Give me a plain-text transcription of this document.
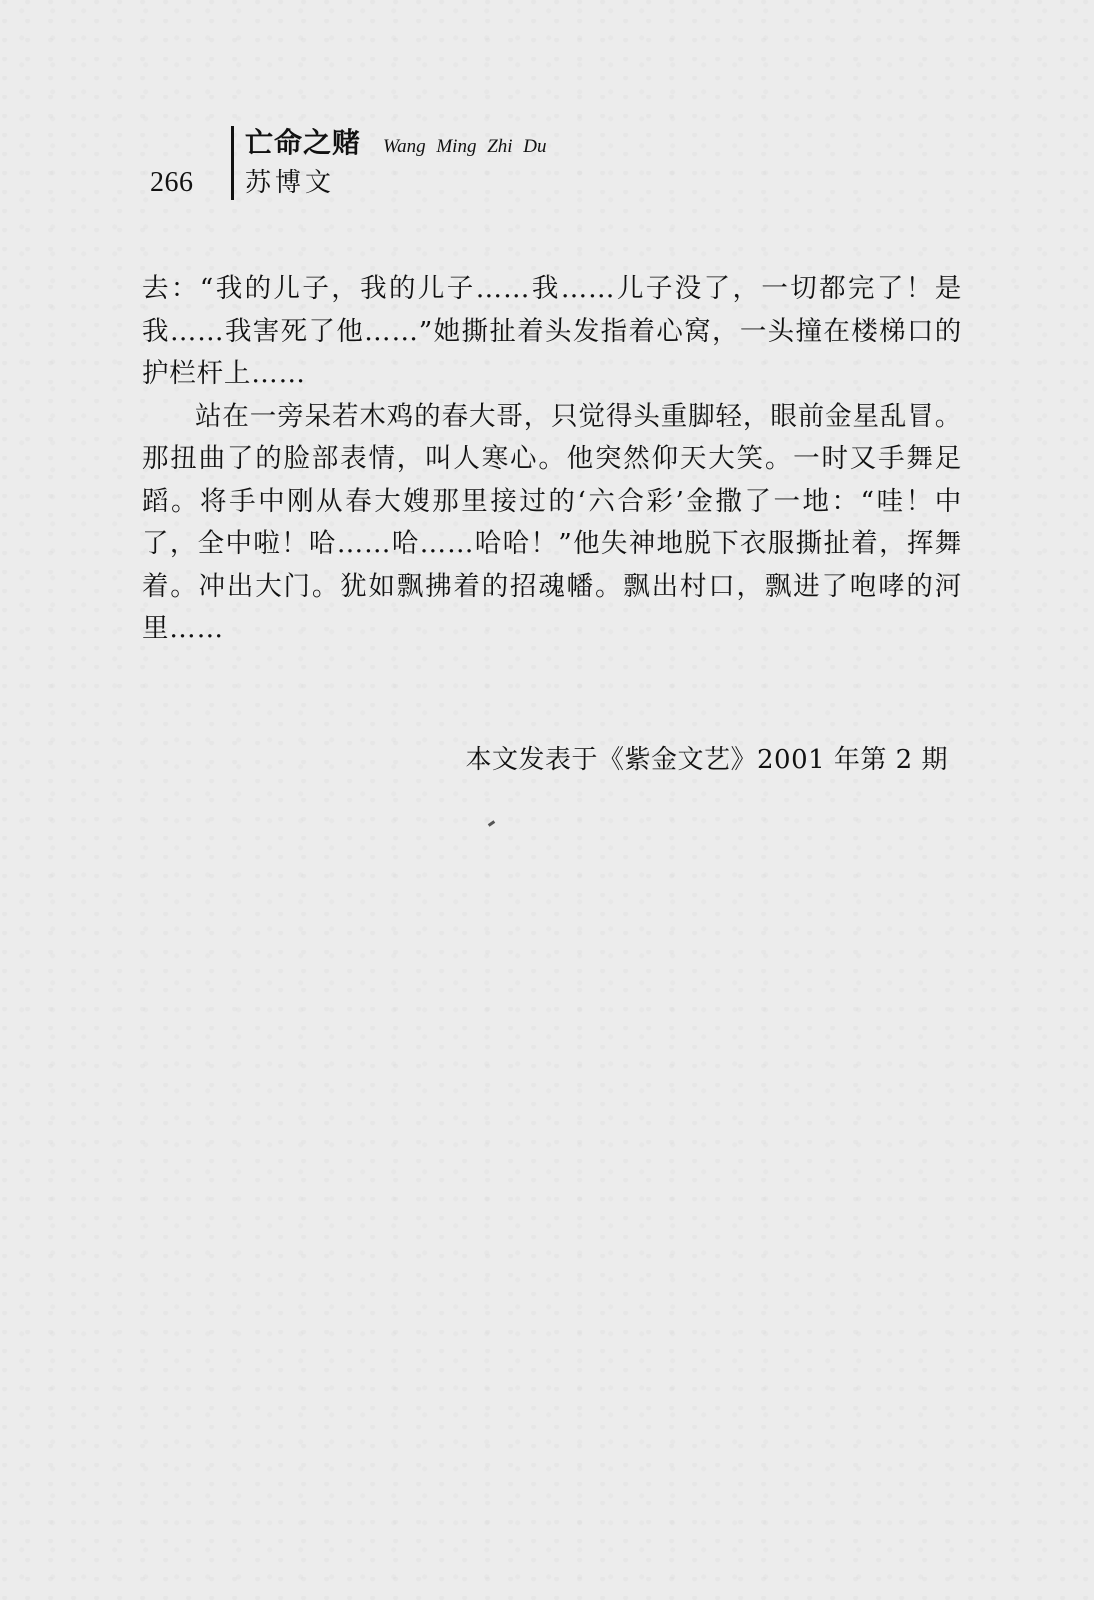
266
亡命之赌 Wang Ming Zhi Du
苏博文

去：“我的儿子，我的儿子……我……儿子没了，一切都完了！是我……我害死了他……”她撕扯着头发指着心窝，一头撞在楼梯口的护栏杆上……

站在一旁呆若木鸡的春大哥，只觉得头重脚轻，眼前金星乱冒。那扭曲了的脸部表情，叫人寒心。他突然仰天大笑。一时又手舞足蹈。将手中刚从春大嫂那里接过的‘六合彩’金撒了一地：“哇！中了，全中啦！哈……哈……哈哈！”他失神地脱下衣服撕扯着，挥舞着。冲出大门。犹如飘拂着的招魂幡。飘出村口，飘进了咆哮的河里……

本文发表于《紫金文艺》2001 年第 2 期
